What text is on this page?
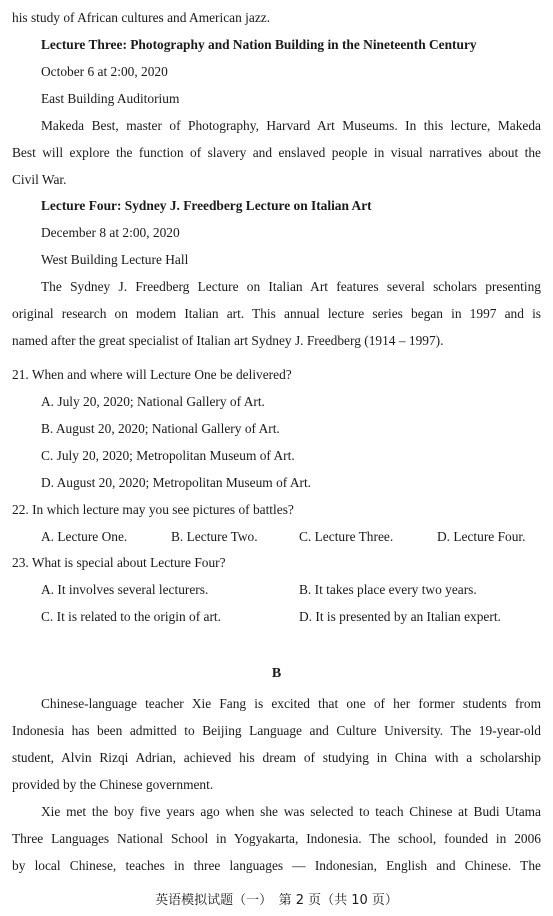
his study of African cultures and American jazz.
Lecture Three: Photography and Nation Building in the Nineteenth Century
October 6 at 2:00, 2020
East Building Auditorium
Makeda Best, master of Photography, Harvard Art Museums. In this lecture, Makeda
Best will explore the function of slavery and enslaved people in visual narratives about the
Civil War.
Lecture Four: Sydney J. Freedberg Lecture on Italian Art
December 8 at 2:00, 2020
West Building Lecture Hall
The Sydney J. Freedberg Lecture on Italian Art features several scholars presenting
original research on modem Italian art. This annual lecture series began in 1997 and is
named after the great specialist of Italian art Sydney J. Freedberg (1914 – 1997).
21. When and where will Lecture One be delivered?
A. July 20, 2020; National Gallery of Art.
B. August 20, 2020; National Gallery of Art.
C. July 20, 2020; Metropolitan Museum of Art.
D. August 20, 2020; Metropolitan Museum of Art.
22. In which lecture may you see pictures of battles?
A. Lecture One.	B. Lecture Two.	C. Lecture Three.	D. Lecture Four.
23. What is special about Lecture Four?
A. It involves several lecturers.	B. It takes place every two years.
C. It is related to the origin of art.	D. It is presented by an Italian expert.
B
Chinese-language teacher Xie Fang is excited that one of her former students from
Indonesia has been admitted to Beijing Language and Culture University. The 19-year-old
student, Alvin Rizqi Adrian, achieved his dream of studying in China with a scholarship
provided by the Chinese government.
Xie met the boy five years ago when she was selected to teach Chinese at Budi Utama
Three Languages National School in Yogyakarta, Indonesia. The school, founded in 2006
by local Chinese, teaches in three languages — Indonesian, English and Chinese. The
英语模拟试题（一）　第 2 页（共 10 页）
